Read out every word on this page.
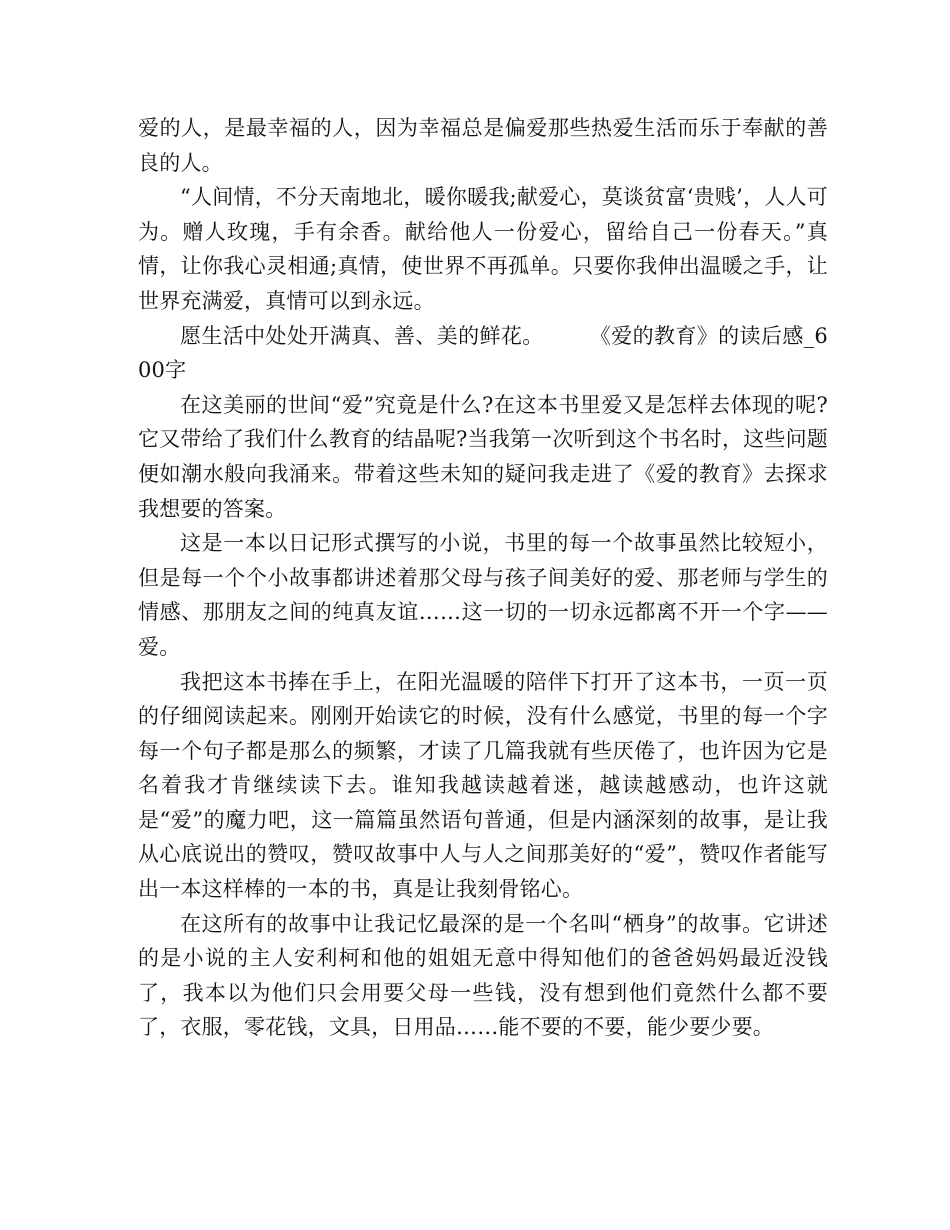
爱的人，是最幸福的人，因为幸福总是偏爱那些热爱生活而乐于奉献的善良的人。

“人间情，不分天南地北，暖你暖我;献爱心，莫谈贫富‘贵贱’，人人可为。赠人玫瑰，手有余香。献给他人一份爱心，留给自己一份春天。”真情，让你我心灵相通;真情，使世界不再孤单。只要你我伸出温暖之手，让世界充满爱，真情可以到永远。

愿生活中处处开满真、善、美的鲜花。 《爱的教育》的读后感_600字

在这美丽的世间“爱”究竟是什么?在这本书里爱又是怎样去体现的呢?它又带给了我们什么教育的结晶呢?当我第一次听到这个书名时，这些问题便如潮水般向我涌来。带着这些未知的疑问我走进了《爱的教育》去探求我想要的答案。

这是一本以日记形式撰写的小说，书里的每一个故事虽然比较短小，但是每一个个小故事都讲述着那父母与孩子间美好的爱、那老师与学生的情感、那朋友之间的纯真友谊……这一切的一切永远都离不开一个字——爱。

我把这本书捧在手上，在阳光温暖的陪伴下打开了这本书，一页一页的仔细阅读起来。刚刚开始读它的时候，没有什么感觉，书里的每一个字每一个句子都是那么的频繁，才读了几篇我就有些厌倦了，也许因为它是名着我才肯继续读下去。谁知我越读越着迷，越读越感动，也许这就是“爱”的魔力吧，这一篇篇虽然语句普通，但是内涵深刻的故事，是让我从心底说出的赞叹，赞叹故事中人与人之间那美好的“爱”，赞叹作者能写出一本这样棒的一本的书，真是让我刻骨铭心。

在这所有的故事中让我记忆最深的是一个名叫“栖身”的故事。它讲述的是小说的主人安利柯和他的姐姐无意中得知他们的爸爸妈妈最近没钱了，我本以为他们只会用要父母一些钱，没有想到他们竟然什么都不要了，衣服，零花钱，文具，日用品……能不要的不要，能少要少要。
